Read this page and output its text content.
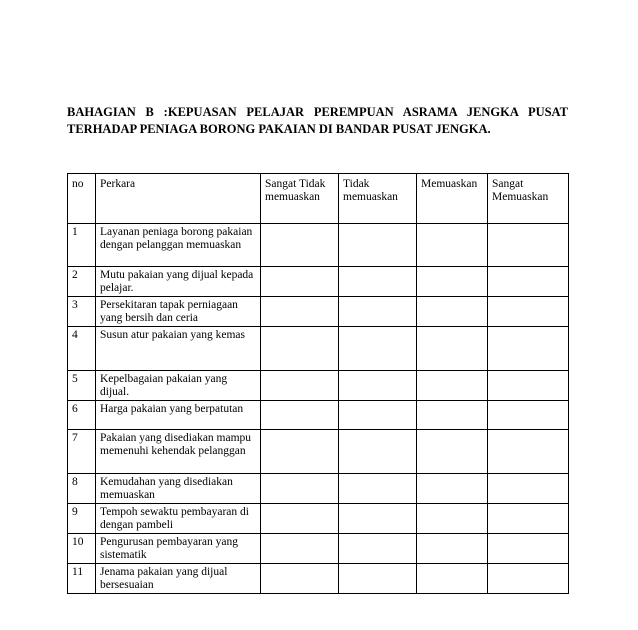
BAHAGIAN B :KEPUASAN PELAJAR PEREMPUAN ASRAMA JENGKA PUSAT
TERHADAP PENIAGA BORONG PAKAIAN DI BANDAR PUSAT JENGKA.
no	Perkara	Sangat Tidak memuaskan	Tidak memuaskan	Memuaskan	Sangat Memuaskan
1	Layanan peniaga borong pakaian dengan pelanggan memuaskan				
2	Mutu pakaian yang dijual kepada pelajar.				
3	Persekitaran tapak perniagaan yang bersih dan ceria				
4	Susun atur pakaian yang kemas				
5	Kepelbagaian pakaian yang dijual.				
6	Harga pakaian yang berpatutan				
7	Pakaian yang disediakan mampu memenuhi kehendak pelanggan				
8	Kemudahan yang disediakan memuaskan				
9	Tempoh sewaktu pembayaran di dengan pambeli				
10	Pengurusan pembayaran yang sistematik				
11	Jenama pakaian yang dijual bersesuaian				
